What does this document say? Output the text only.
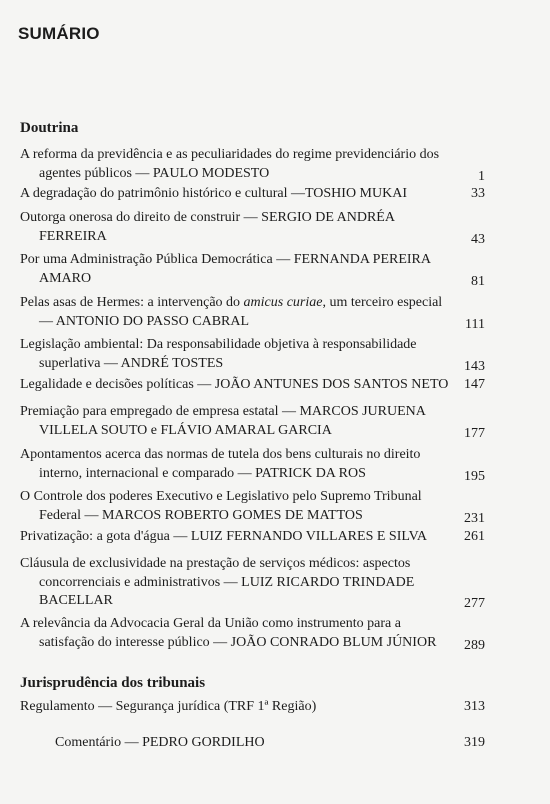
SUMÁRIO
Doutrina
A reforma da previdência e as peculiaridades do regime previdenciário dos
agentes públicos — PAULO MODESTO	1
A degradação do patrimônio histórico e cultural —TOSHIO MUKAI	33
Outorga onerosa do direito de construir — SERGIO DE ANDRÉA
FERREIRA	43
Por uma Administração Pública Democrática — FERNANDA PEREIRA
AMARO	81
Pelas asas de Hermes: a intervenção do amicus curiae, um terceiro especial
— ANTONIO DO PASSO CABRAL	111
Legislação ambiental: Da responsabilidade objetiva à responsabilidade
superlativa — ANDRÉ TOSTES	143
Legalidade e decisões políticas — JOÃO ANTUNES DOS SANTOS NETO	147
Premiação para empregado de empresa estatal — MARCOS JURUENA
VILLELA SOUTO e FLÁVIO AMARAL GARCIA	177
Apontamentos acerca das normas de tutela dos bens culturais no direito
interno, internacional e comparado — PATRICK DA ROS	195
O Controle dos poderes Executivo e Legislativo pelo Supremo Tribunal
Federal — MARCOS ROBERTO GOMES DE MATTOS	231
Privatização: a gota d'água — LUIZ FERNANDO VILLARES E SILVA	261
Cláusula de exclusividade na prestação de serviços médicos: aspectos
concorrenciais e administrativos — LUIZ RICARDO TRINDADE
BACELLAR	277
A relevância da Advocacia Geral da União como instrumento para a
satisfação do interesse público — JOÃO CONRADO BLUM JÚNIOR	289
Jurisprudência dos tribunais
Regulamento — Segurança jurídica (TRF 1ª Região)	313
Comentário — PEDRO GORDILHO	319
